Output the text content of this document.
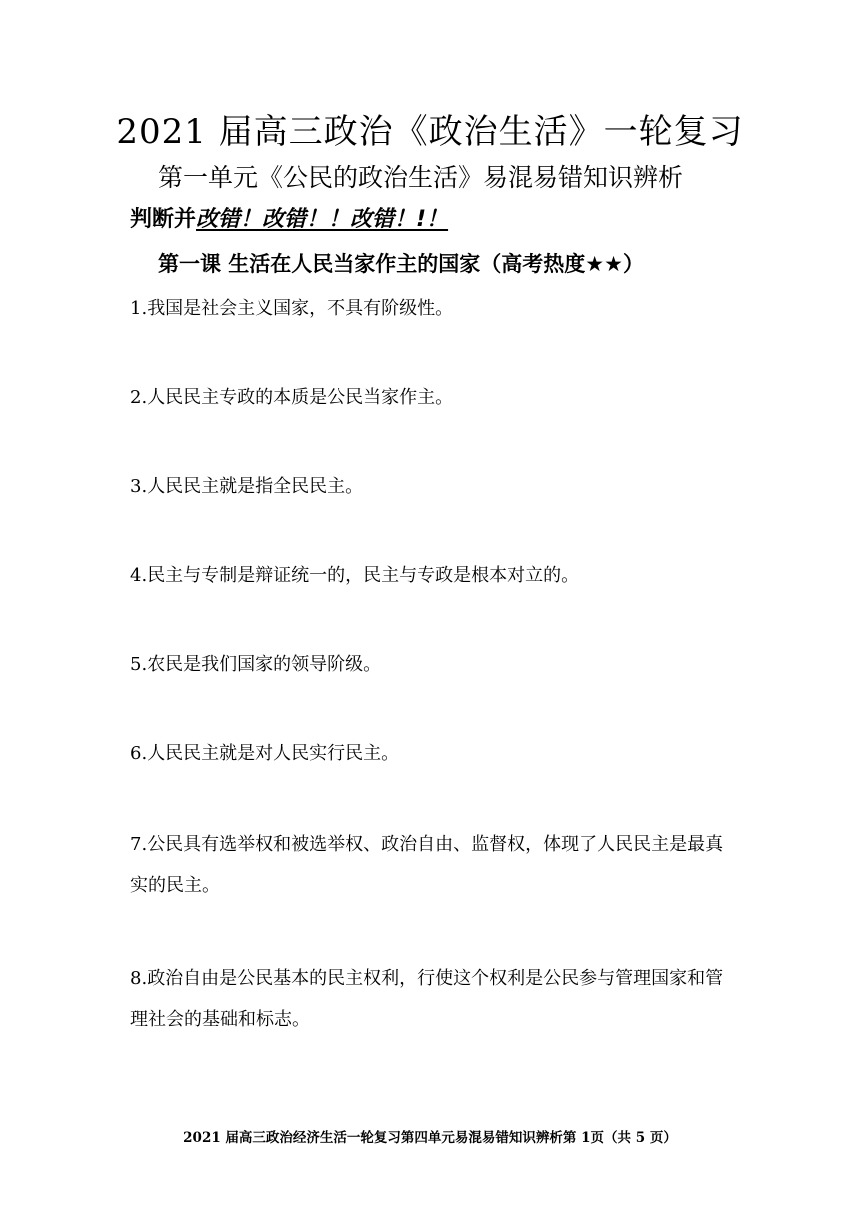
2021 届高三政治《政治生活》一轮复习
第一单元《公民的政治生活》易混易错知识辨析
判断并改错！改错！！改错！!！
第一课 生活在人民当家作主的国家（高考热度★★）

1.我国是社会主义国家，不具有阶级性。

2.人民民主专政的本质是公民当家作主。

3.人民民主就是指全民民主。

4.民主与专制是辩证统一的，民主与专政是根本对立的。

5.农民是我们国家的领导阶级。

6.人民民主就是对人民实行民主。

7.公民具有选举权和被选举权、政治自由、监督权，体现了人民民主是最真实的民主。

8.政治自由是公民基本的民主权利，行使这个权利是公民参与管理国家和管理社会的基础和标志。

2021 届高三政治经济生活一轮复习第四单元易混易错知识辨析第 1页（共 5 页）
